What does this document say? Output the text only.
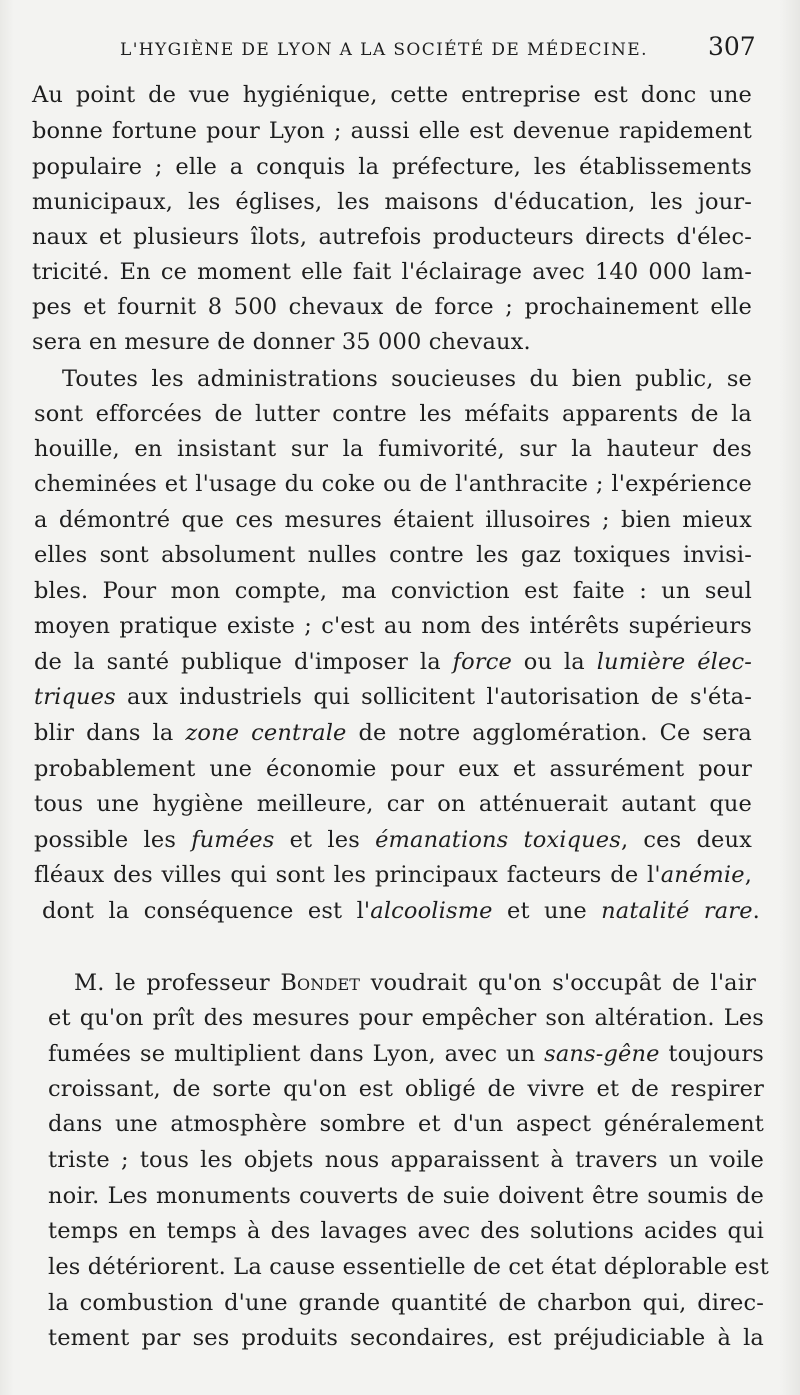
L'HYGIÈNE DE LYON A LA SOCIÉTÉ DE MÉDECINE. 307
Au point de vue hygiénique, cette entreprise est donc une
bonne fortune pour Lyon ; aussi elle est devenue rapidement
populaire ; elle a conquis la préfecture, les établissements
municipaux, les églises, les maisons d'éducation, les jour-
naux et plusieurs îlots, autrefois producteurs directs d'élec-
tricité. En ce moment elle fait l'éclairage avec 140 000 lam-
pes et fournit 8 500 chevaux de force ; prochainement elle
sera en mesure de donner 35 000 chevaux.
Toutes les administrations soucieuses du bien public, se
sont efforcées de lutter contre les méfaits apparents de la
houille, en insistant sur la fumivorité, sur la hauteur des
cheminées et l'usage du coke ou de l'anthracite ; l'expérience
a démontré que ces mesures étaient illusoires ; bien mieux
elles sont absolument nulles contre les gaz toxiques invisi-
bles. Pour mon compte, ma conviction est faite : un seul
moyen pratique existe ; c'est au nom des intérêts supérieurs
de la santé publique d'imposer la force ou la lumière élec-
triques aux industriels qui sollicitent l'autorisation de s'éta-
blir dans la zone centrale de notre agglomération. Ce sera
probablement une économie pour eux et assurément pour
tous une hygiène meilleure, car on atténuerait autant que
possible les fumées et les émanations toxiques, ces deux
fléaux des villes qui sont les principaux facteurs de l'anémie,
dont la conséquence est l'alcoolisme et une natalité rare.
M. le professeur Bondet voudrait qu'on s'occupât de l'air
et qu'on prît des mesures pour empêcher son altération. Les
fumées se multiplient dans Lyon, avec un sans-gêne toujours
croissant, de sorte qu'on est obligé de vivre et de respirer
dans une atmosphère sombre et d'un aspect généralement
triste ; tous les objets nous apparaissent à travers un voile
noir. Les monuments couverts de suie doivent être soumis de
temps en temps à des lavages avec des solutions acides qui
les détériorent. La cause essentielle de cet état déplorable est
la combustion d'une grande quantité de charbon qui, direc-
tement par ses produits secondaires, est préjudiciable à la
